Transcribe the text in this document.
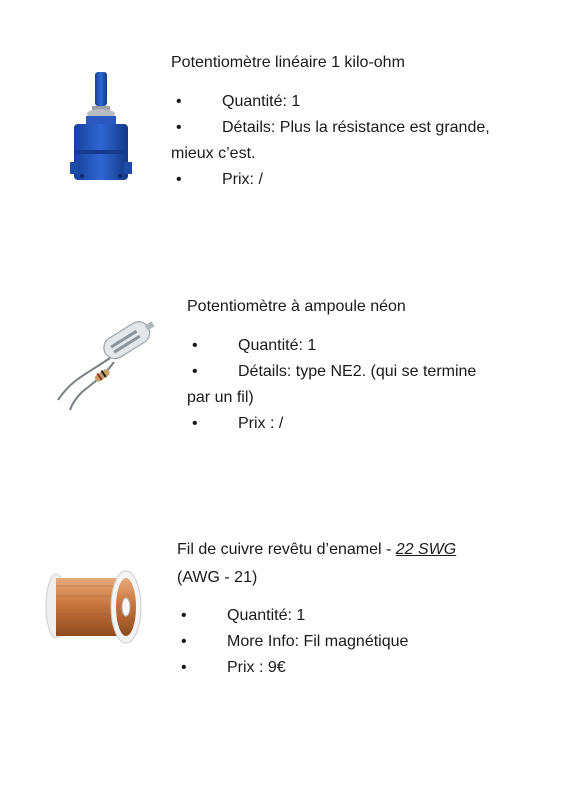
Potentiomètre linéaire 1 kilo-ohm
•	Quantité: 1
•	Détails: Plus la résistance est grande,
mieux c’est.
•	Prix: /
Potentiomètre à ampoule néon
•	Quantité: 1
•	Détails: type NE2. (qui se termine
par un fil)
•	Prix : /
Fil de cuivre revêtu d’enamel - 22 SWG
(AWG - 21)
•	Quantité: 1
•	More Info: Fil magnétique
•	Prix : 9€
